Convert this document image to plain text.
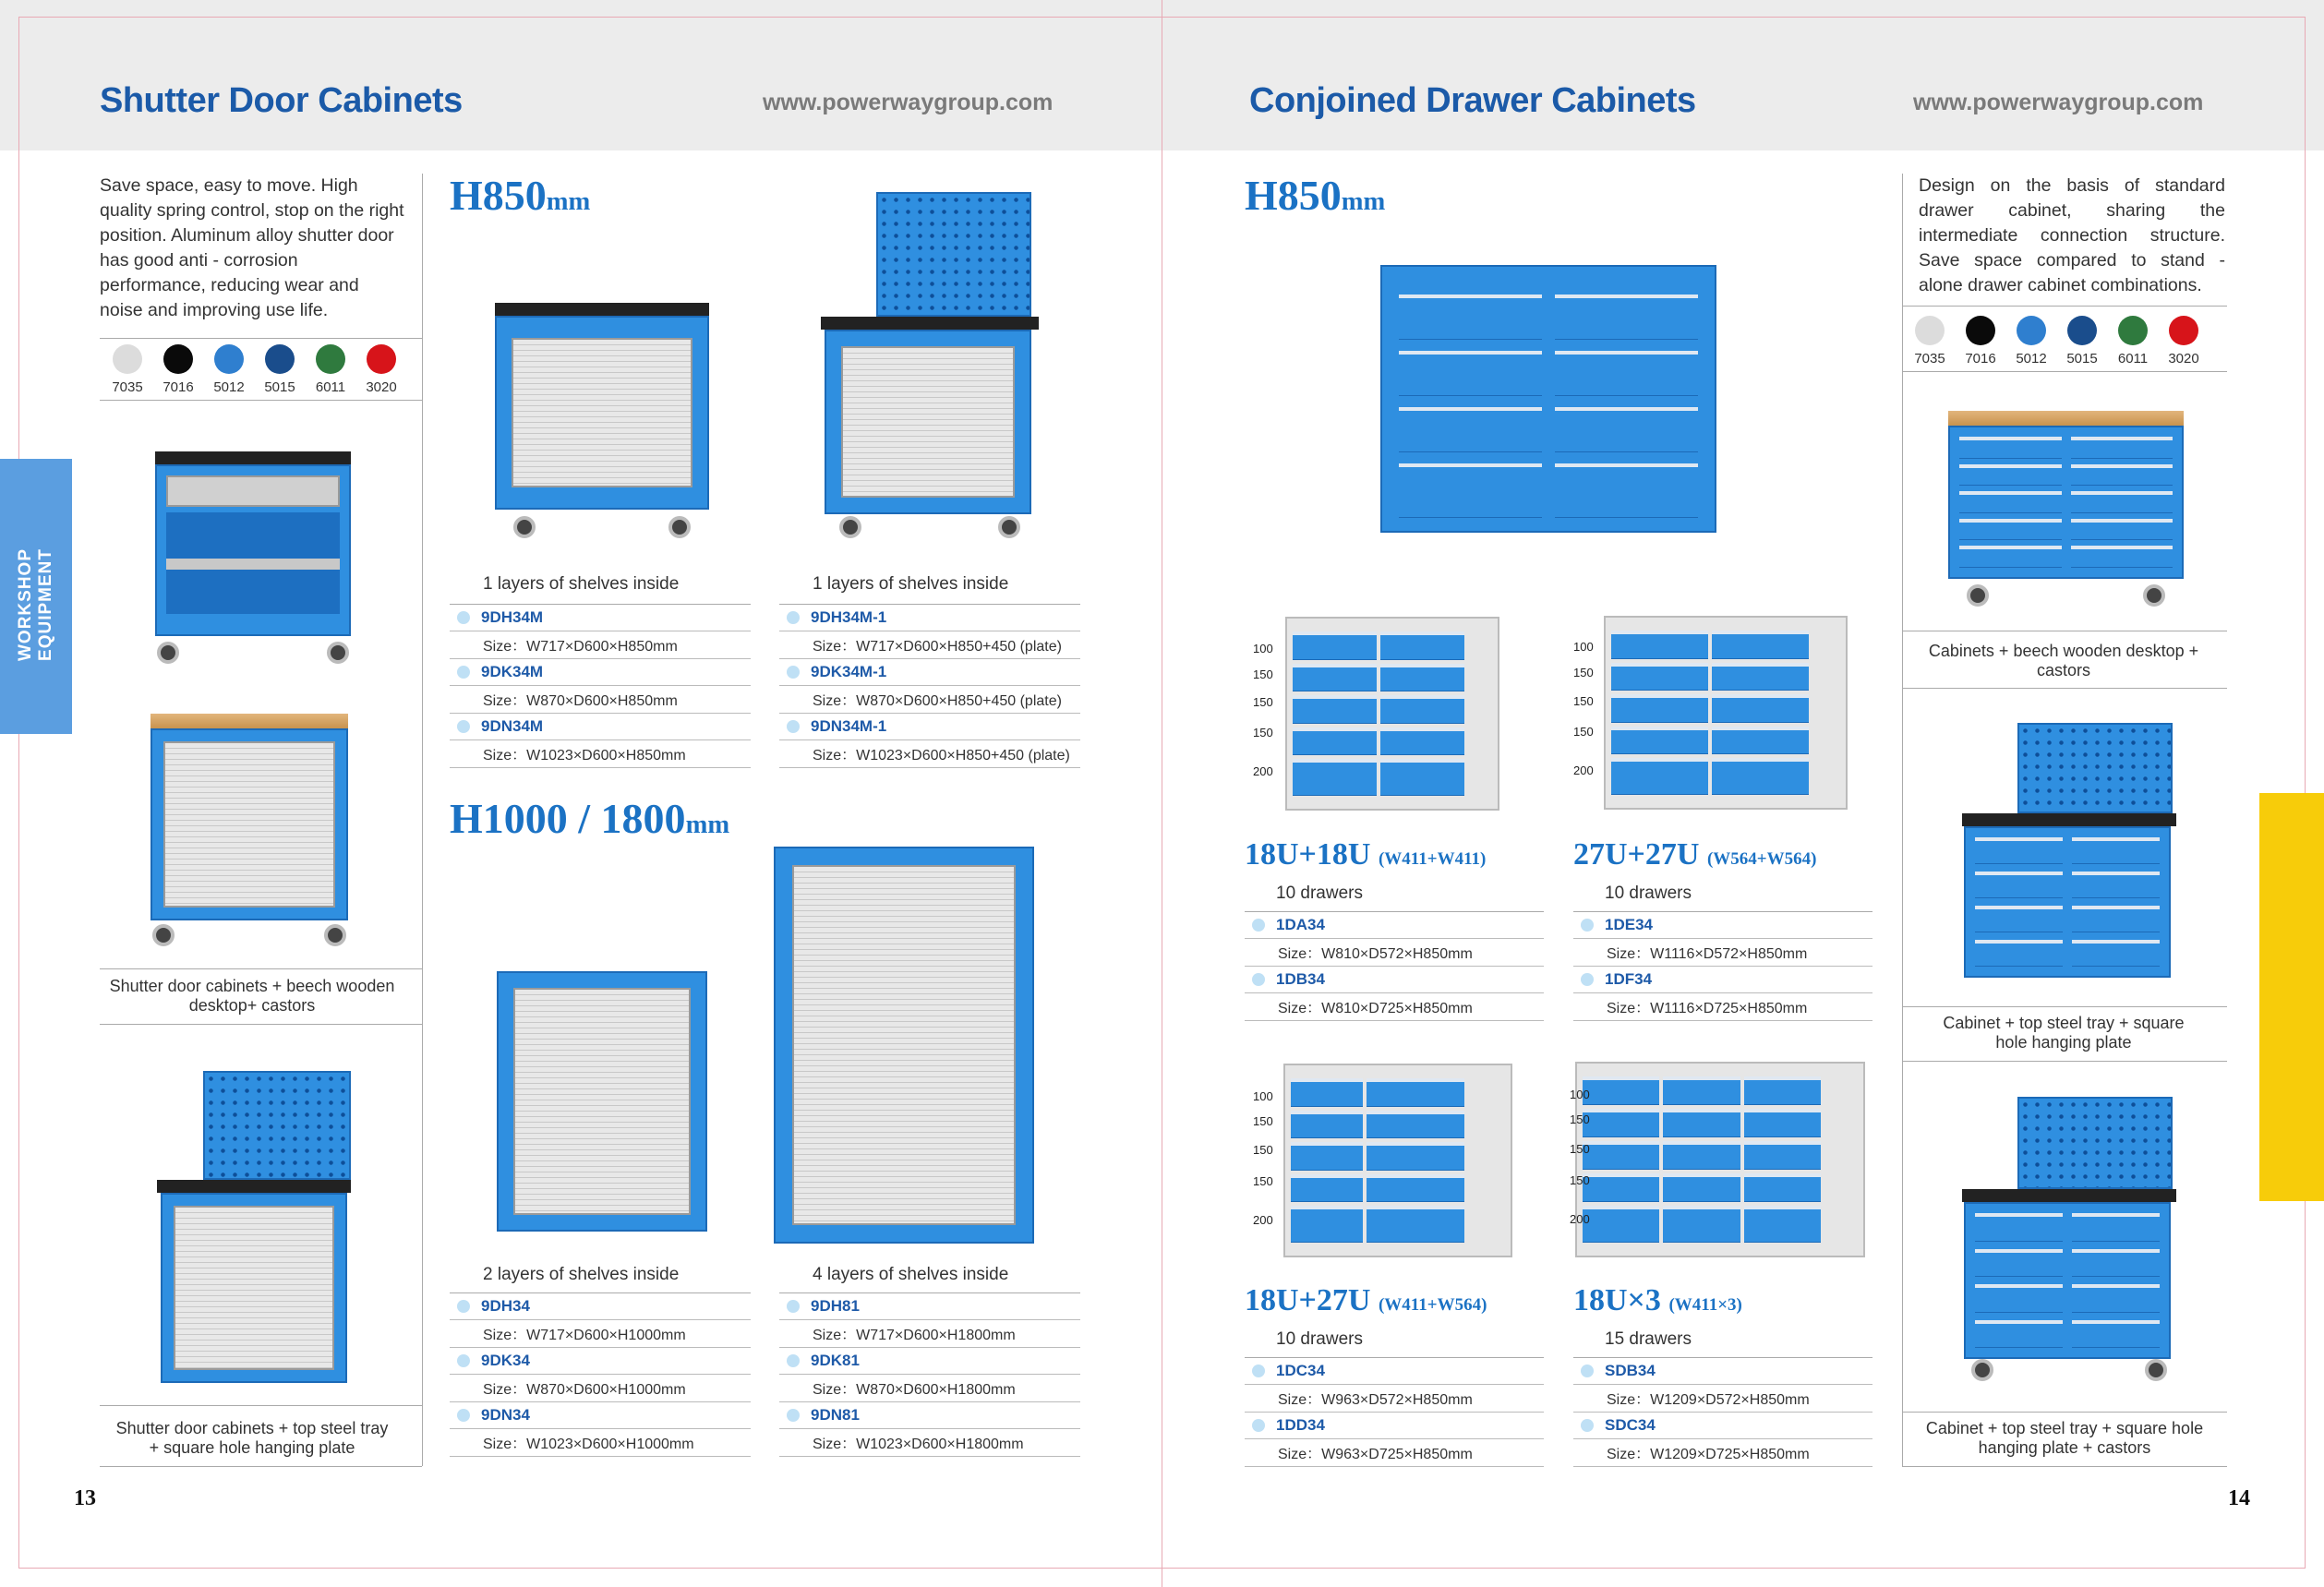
Shutter Door Cabinets	www.powerwaygroup.com
WORKSHOP EQUIPMENT
Save space, easy to move. High quality spring control, stop on the right position. Aluminum alloy shutter door has good anti - corrosion performance, reducing wear and noise and improving use life.
7035 7016 5012 5015 6011 3020
Shutter door cabinets + beech wooden desktop+ castors
Shutter door cabinets + top steel tray + square hole hanging plate
H850mm
1 layers of shelves inside
9DH34M
Size：W717×D600×H850mm
9DK34M
Size：W870×D600×H850mm
9DN34M
Size：W1023×D600×H850mm
1 layers of shelves inside
9DH34M-1
Size：W717×D600×H850+450 (plate)
9DK34M-1
Size：W870×D600×H850+450 (plate)
9DN34M-1
Size：W1023×D600×H850+450 (plate)
H1000 / 1800mm
2 layers of shelves inside
9DH34
Size：W717×D600×H1000mm
9DK34
Size：W870×D600×H1000mm
9DN34
Size：W1023×D600×H1000mm
4 layers of shelves inside
9DH81
Size：W717×D600×H1800mm
9DK81
Size：W870×D600×H1800mm
9DN81
Size：W1023×D600×H1800mm
13
Conjoined Drawer Cabinets	www.powerwaygroup.com
H850mm
100
150
150
150
200
100
150
150
150
200
100
150
150
150
200
100
150
150
150
200
18U+18U (W411+W411)
10 drawers
1DA34
Size：W810×D572×H850mm
1DB34
Size：W810×D725×H850mm
27U+27U (W564+W564)
10 drawers
1DE34
Size：W1116×D572×H850mm
1DF34
Size：W1116×D725×H850mm
18U+27U (W411+W564)
10 drawers
1DC34
Size：W963×D572×H850mm
1DD34
Size：W963×D725×H850mm
18U×3 (W411×3)
15 drawers
SDB34
Size：W1209×D572×H850mm
SDC34
Size：W1209×D725×H850mm
Design on the basis of standard drawer cabinet, sharing the intermediate connection structure. Save space compared to stand - alone drawer cabinet combinations.
7035 7016 5012 5015 6011 3020
Cabinets + beech wooden desktop + castors
Cabinet + top steel tray + square hole hanging plate
Cabinet + top steel tray + square hole hanging plate + castors
14
